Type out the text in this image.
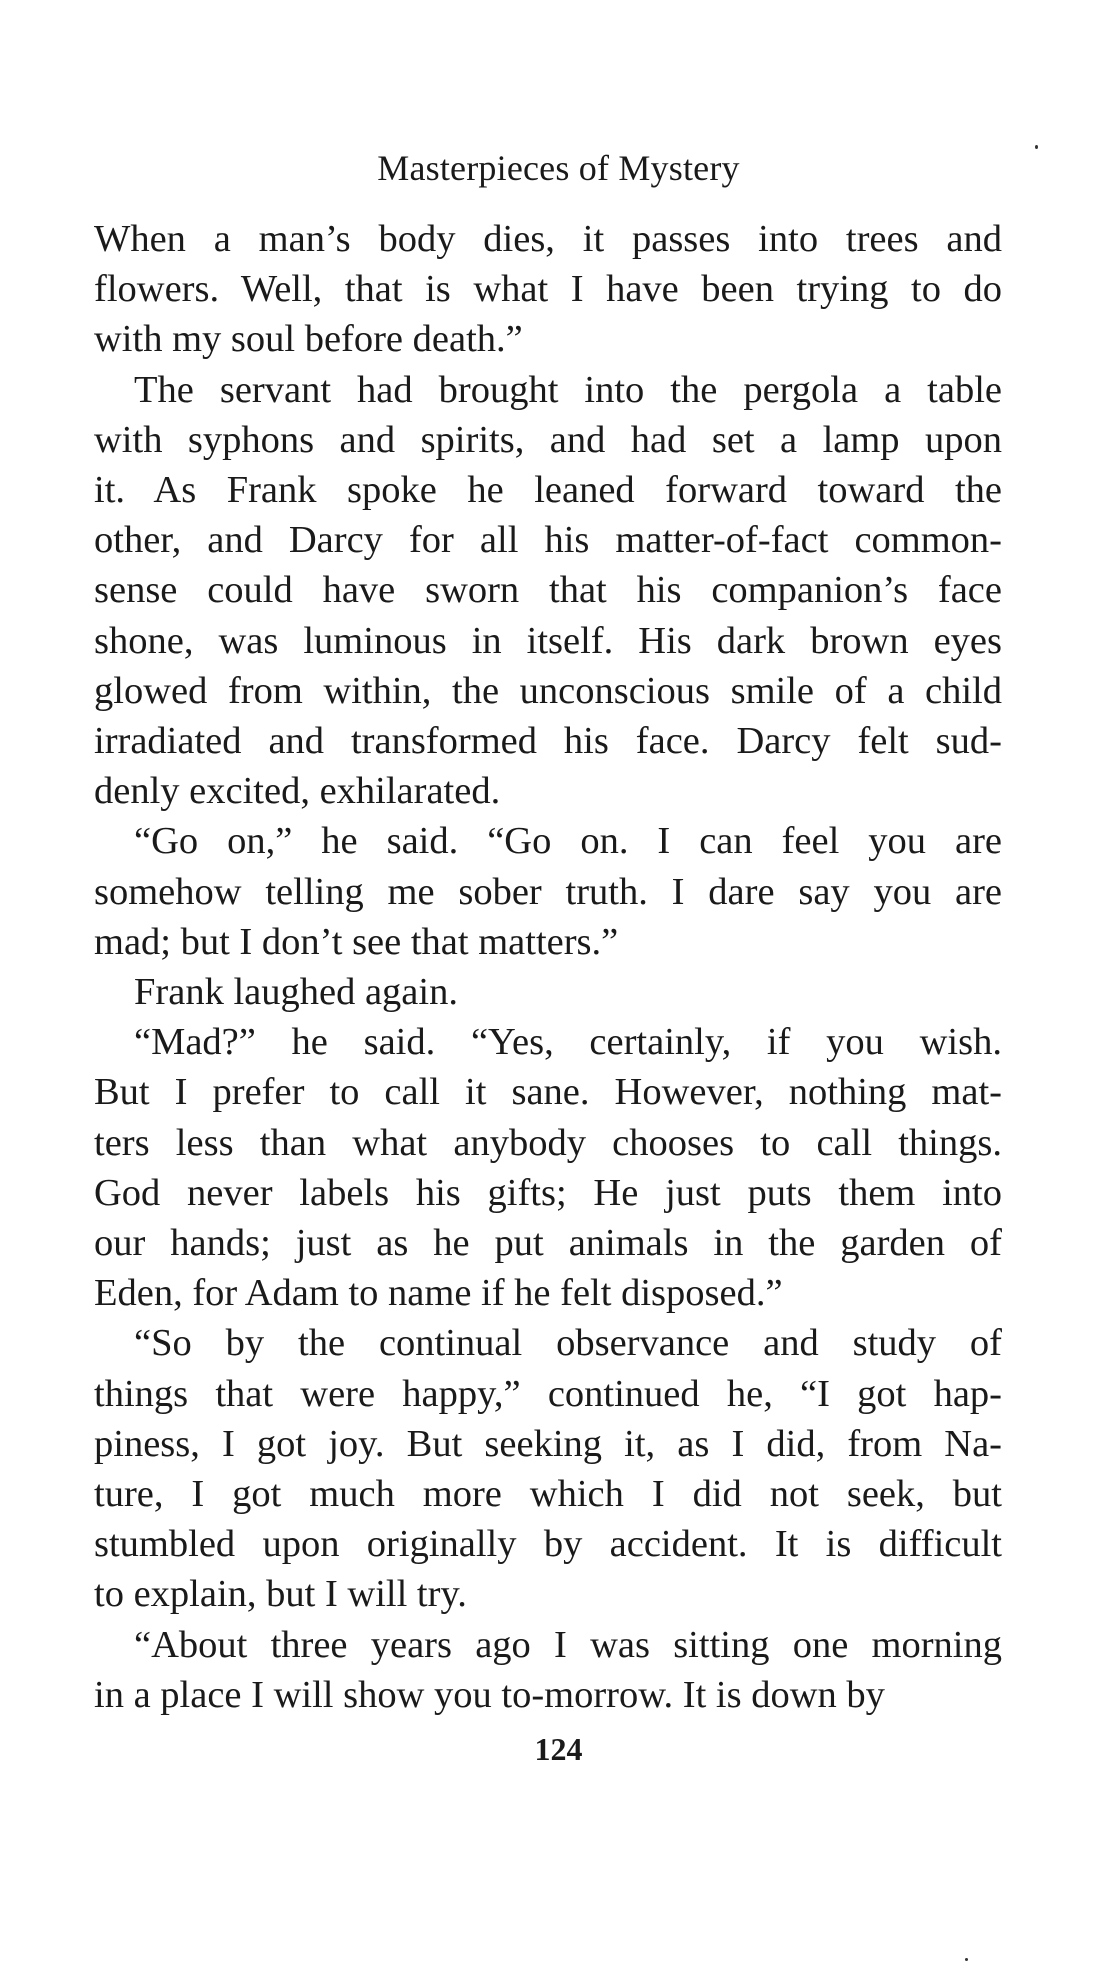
Masterpieces of Mystery

When a man’s body dies, it passes into trees and
flowers. Well, that is what I have been trying to do
with my soul before death.”

The servant had brought into the pergola a table
with syphons and spirits, and had set a lamp upon
it. As Frank spoke he leaned forward toward the
other, and Darcy for all his matter-of-fact common-
sense could have sworn that his companion’s face
shone, was luminous in itself. His dark brown eyes
glowed from within, the unconscious smile of a child
irradiated and transformed his face. Darcy felt sud-
denly excited, exhilarated.

“Go on,” he said. “Go on. I can feel you are
somehow telling me sober truth. I dare say you are
mad; but I don’t see that matters.”

Frank laughed again.

“Mad?” he said. “Yes, certainly, if you wish.
But I prefer to call it sane. However, nothing mat-
ters less than what anybody chooses to call things.
God never labels his gifts; He just puts them into
our hands; just as he put animals in the garden of
Eden, for Adam to name if he felt disposed.”

“So by the continual observance and study of
things that were happy,” continued he, “I got hap-
piness, I got joy. But seeking it, as I did, from Na-
ture, I got much more which I did not seek, but
stumbled upon originally by accident. It is difficult
to explain, but I will try.

“About three years ago I was sitting one morning
in a place I will show you to-morrow. It is down by

124
